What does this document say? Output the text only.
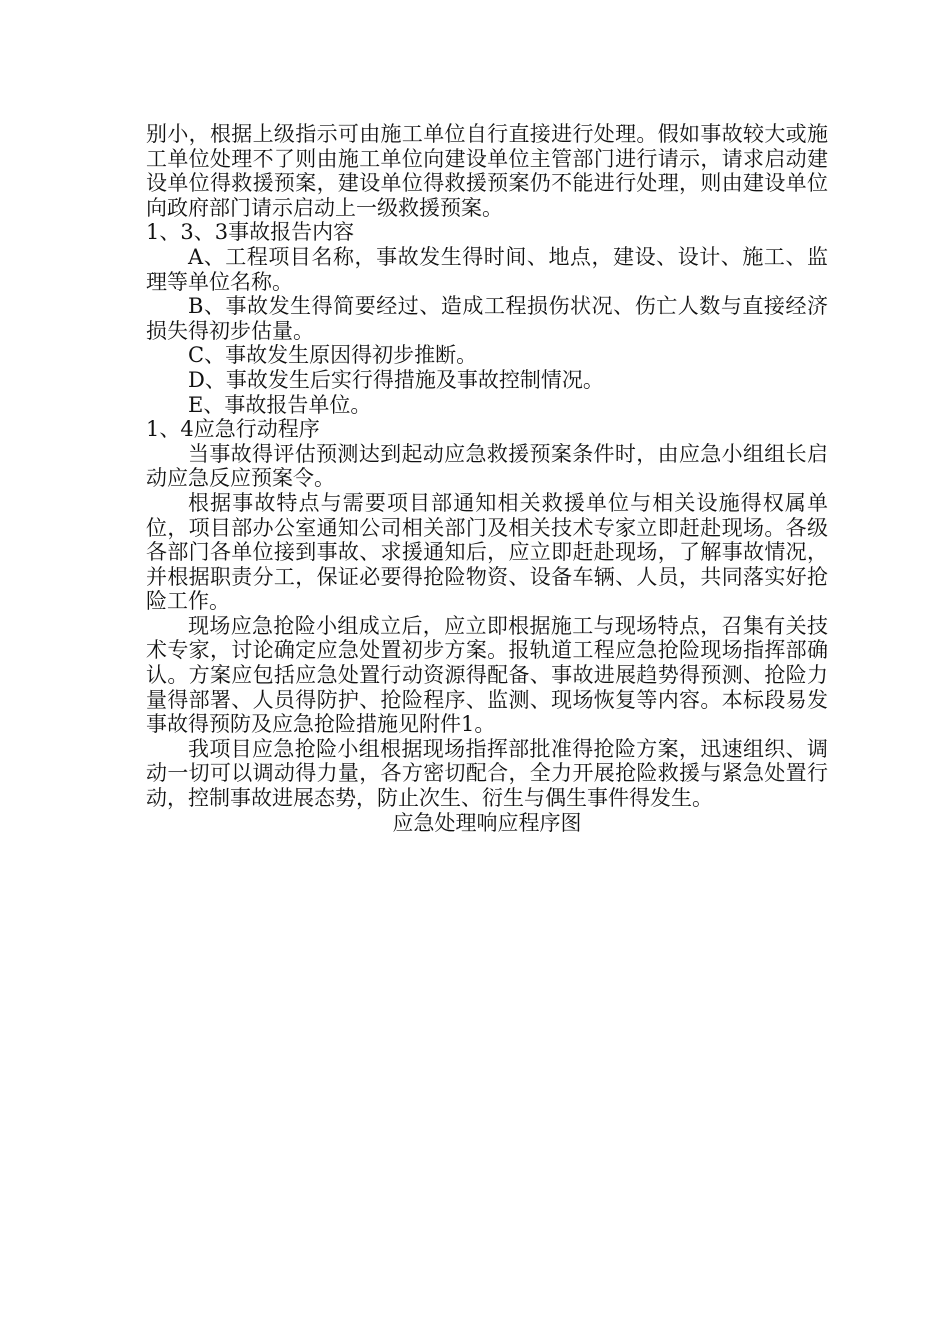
别小，根据上级指示可由施工单位自行直接进行处理。假如事故较大或施工单位处理不了则由施工单位向建设单位主管部门进行请示，请求启动建设单位得救援预案，建设单位得救援预案仍不能进行处理，则由建设单位向政府部门请示启动上一级救援预案。

1、3、3事故报告内容

A、工程项目名称，事故发生得时间、地点，建设、设计、施工、监理等单位名称。

B、事故发生得简要经过、造成工程损伤状况、伤亡人数与直接经济损失得初步估量。

C、事故发生原因得初步推断。

D、事故发生后实行得措施及事故控制情况。

E、事故报告单位。

1、4应急行动程序

当事故得评估预测达到起动应急救援预案条件时，由应急小组组长启动应急反应预案令。

根据事故特点与需要项目部通知相关救援单位与相关设施得权属单位，项目部办公室通知公司相关部门及相关技术专家立即赶赴现场。各级各部门各单位接到事故、求援通知后，应立即赶赴现场，了解事故情况，并根据职责分工，保证必要得抢险物资、设备车辆、人员，共同落实好抢险工作。

现场应急抢险小组成立后，应立即根据施工与现场特点，召集有关技术专家，讨论确定应急处置初步方案。报轨道工程应急抢险现场指挥部确认。方案应包括应急处置行动资源得配备、事故进展趋势得预测、抢险力量得部署、人员得防护、抢险程序、监测、现场恢复等内容。本标段易发事故得预防及应急抢险措施见附件1。

我项目应急抢险小组根据现场指挥部批准得抢险方案，迅速组织、调动一切可以调动得力量，各方密切配合，全力开展抢险救援与紧急处置行动，控制事故进展态势，防止次生、衍生与偶生事件得发生。

应急处理响应程序图
